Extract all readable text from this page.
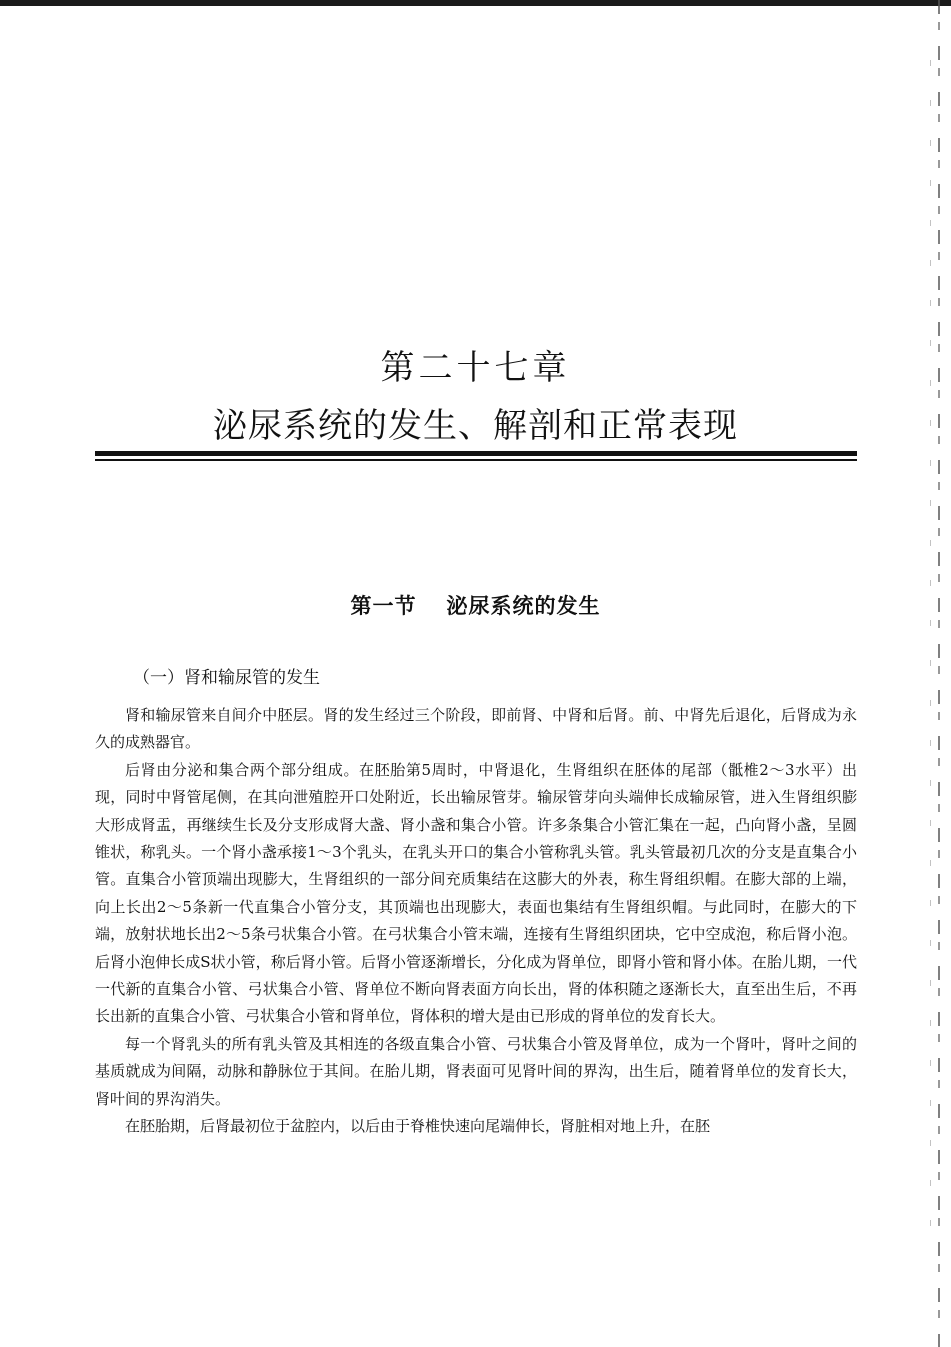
第二十七章
泌尿系统的发生、解剖和正常表现
第一节 泌尿系统的发生
（一）肾和输尿管的发生

肾和输尿管来自间介中胚层。肾的发生经过三个阶段，即前肾、中肾和后肾。前、中肾先后退化，后肾成为永久的成熟器官。

后肾由分泌和集合两个部分组成。在胚胎第5周时，中肾退化，生肾组织在胚体的尾部（骶椎2～3水平）出现，同时中肾管尾侧，在其向泄殖腔开口处附近，长出输尿管芽。输尿管芽向头端伸长成输尿管，进入生肾组织膨大形成肾盂，再继续生长及分支形成肾大盏、肾小盏和集合小管。许多条集合小管汇集在一起，凸向肾小盏，呈圆锥状，称乳头。一个肾小盏承接1～3个乳头，在乳头开口的集合小管称乳头管。乳头管最初几次的分支是直集合小管。直集合小管顶端出现膨大，生肾组织的一部分间充质集结在这膨大的外表，称生肾组织帽。在膨大部的上端，向上长出2～5条新一代直集合小管分支，其顶端也出现膨大，表面也集结有生肾组织帽。与此同时，在膨大的下端，放射状地长出2～5条弓状集合小管。在弓状集合小管末端，连接有生肾组织团块，它中空成泡，称后肾小泡。后肾小泡伸长成S状小管，称后肾小管。后肾小管逐渐增长，分化成为肾单位，即肾小管和肾小体。在胎儿期，一代一代新的直集合小管、弓状集合小管、肾单位不断向肾表面方向长出，肾的体积随之逐渐长大，直至出生后，不再长出新的直集合小管、弓状集合小管和肾单位，肾体积的增大是由已形成的肾单位的发育长大。

每一个肾乳头的所有乳头管及其相连的各级直集合小管、弓状集合小管及肾单位，成为一个肾叶，肾叶之间的基质就成为间隔，动脉和静脉位于其间。在胎儿期，肾表面可见肾叶间的界沟，出生后，随着肾单位的发育长大，肾叶间的界沟消失。

在胚胎期，后肾最初位于盆腔内，以后由于脊椎快速向尾端伸长，肾脏相对地上升，在胚
